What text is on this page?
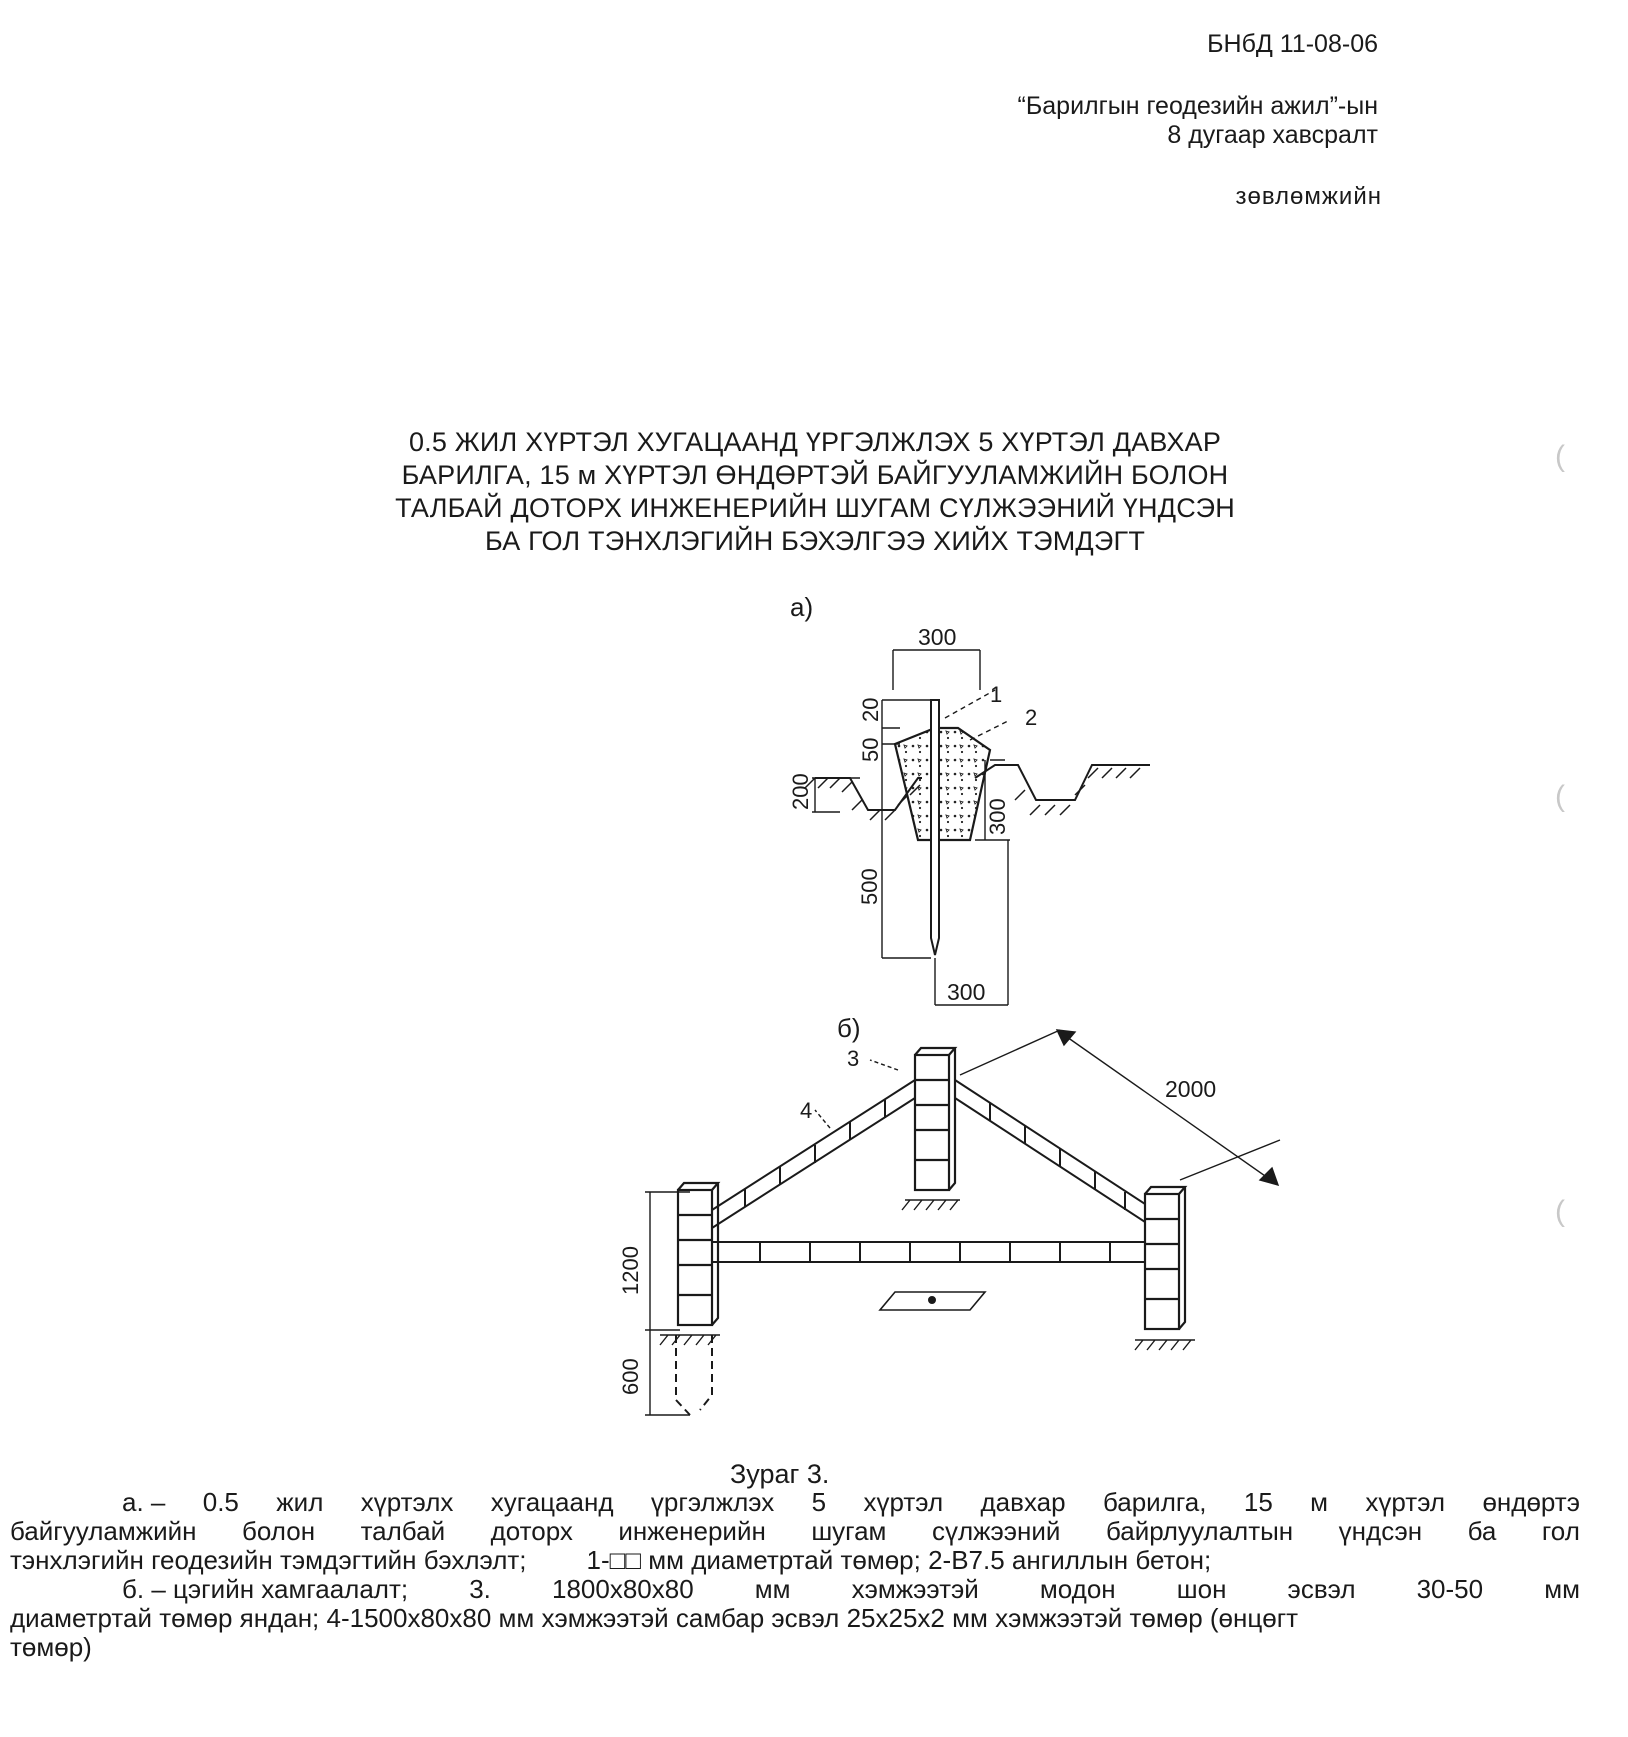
БНбД 11-08-06
“Барилгын геодезийн ажил”-ын
8 дугаар хавсралт
зөвлөмжийн
0.5 ЖИЛ ХҮРТЭЛ ХУГАЦААНД ҮРГЭЛЖЛЭХ 5 ХҮРТЭЛ ДАВХАР
БАРИЛГА, 15 м ХҮРТЭЛ ӨНДӨРТЭЙ БАЙГУУЛАМЖИЙН БОЛОН
ТАЛБАЙ ДОТОРХ ИНЖЕНЕРИЙН ШУГАМ СҮЛЖЭЭНИЙ ҮНДСЭН
БА ГОЛ ТЭНХЛЭГИЙН БЭХЭЛГЭЭ ХИЙХ ТЭМДЭГТ
300
1
2
20
50
200
300
500
300
3
4
2000
1200
600
а)
б)
Зураг 3.
а. – 0.5 жил хүртэлх хугацаанд үргэлжлэх 5 хүртэл давхар барилга, 15 м хүртэл өндөртэ
байгууламжийн болон талбай доторх инженерийн шугам сүлжээний байрлуулалтын үндсэн ба гол
тэнхлэгийн геодезийн тэмдэгтийн бэхлэлт;	1-□□ мм диаметртай төмөр; 2-В7.5 ангиллын бетон;
б. – цэгийн хамгаалалт; 3. 1800х80х80 мм хэмжээтэй модон шон эсвэл 30-50 мм
диаметртай төмөр яндан; 4-1500х80х80 мм хэмжээтэй самбар эсвэл 25х25х2 мм хэмжээтэй төмөр (өнцөгт
төмөр)
(
(
(
